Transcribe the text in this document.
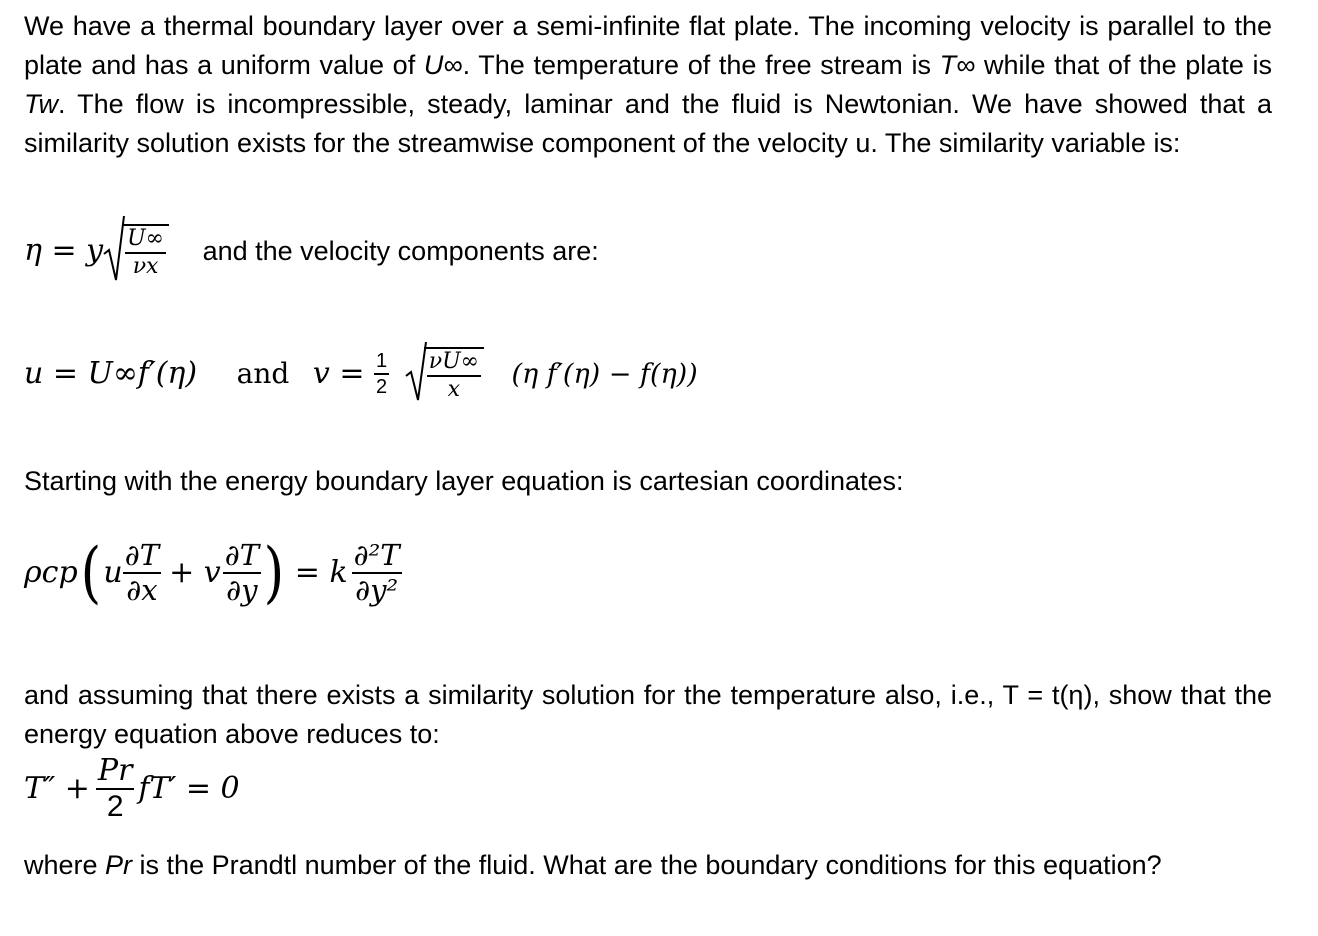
We have a thermal boundary layer over a semi-infinite flat plate. The incoming velocity is parallel to the plate and has a uniform value of U∞. The temperature of the free stream is T∞ while that of the plate is Tw. The flow is incompressible, steady, laminar and the fluid is Newtonian. We have showed that a similarity solution exists for the streamwise component of the velocity u. The similarity variable is:

η = y $\frac{U\infty}{\nu x}$ and the velocity components are:
u = U∞f′(η) and $v = \frac{1}{2}$
$\frac{\nu U\infty}{x} (\eta$ f′(η) − f(η))

Starting with the energy boundary layer equation is cartesian coordinates:

$\rho cp(u \frac{\partial T}{\partial x} + v \frac{\partial T}{\partial y}$ ) = k $\frac{\text{∂²T}}{\text{∂y²}}$

and assuming that there exists a similarity solution for the temperature also, i.e., T = t(η), show that the energy equation above reduces to:

$T'' + \frac{Pr}{2} fT' = 0$

where Pr is the Prandtl number of the fluid. What are the boundary conditions for this equation?
